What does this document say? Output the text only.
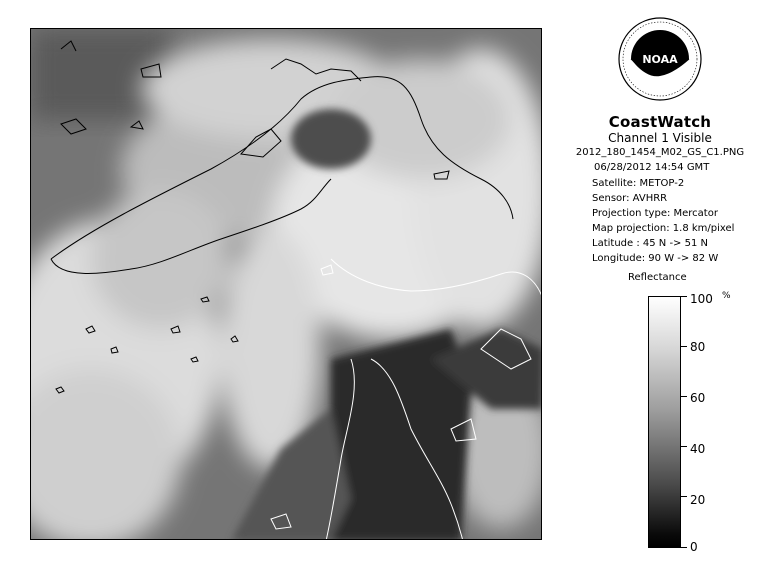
NOAA
CoastWatch
Channel 1 Visible
2012_180_1454_M02_GS_C1.PNG
06/28/2012 14:54 GMT
Satellite: METOP-2
Sensor: AVHRR
Projection type: Mercator
Map projection: 1.8 km/pixel
Latitude : 45 N -> 51 N
Longitude: 90 W -> 82 W
Reflectance
%
100
80
60
40
20
0
